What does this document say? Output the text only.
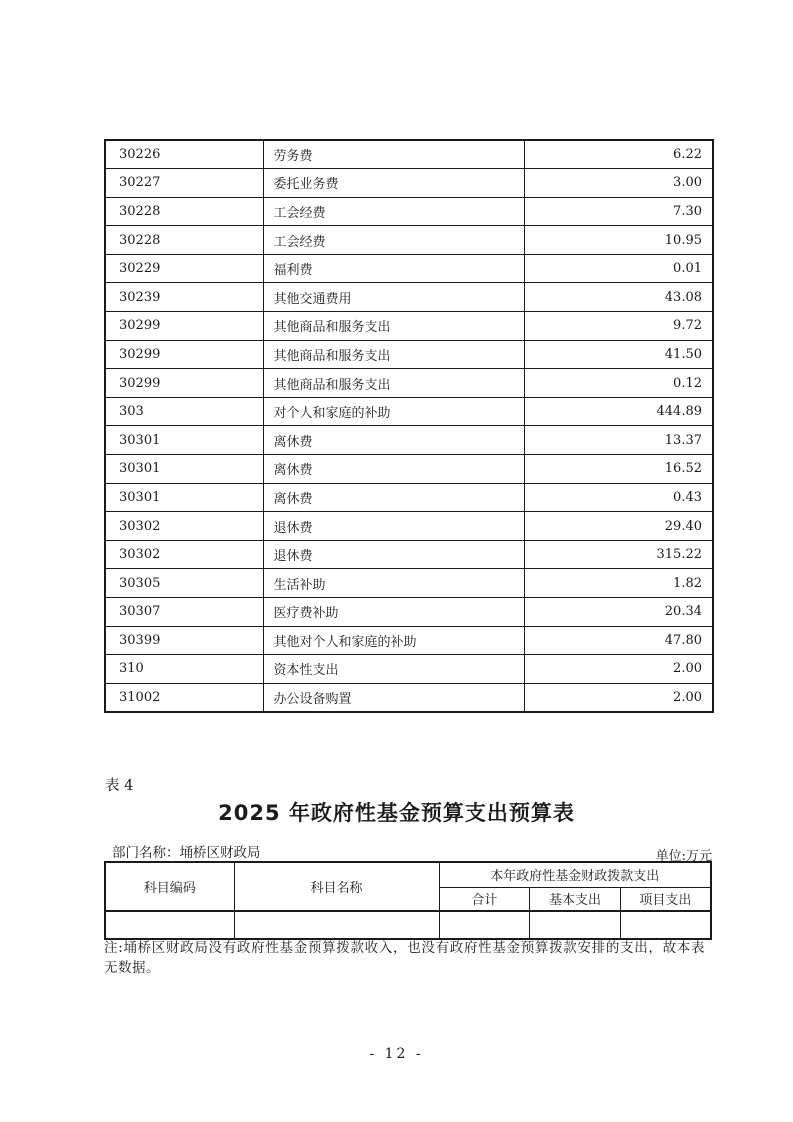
30226	劳务费	6.22
30227	委托业务费	3.00
30228	工会经费	7.30
30228	工会经费	10.95
30229	福利费	0.01
30239	其他交通费用	43.08
30299	其他商品和服务支出	9.72
30299	其他商品和服务支出	41.50
30299	其他商品和服务支出	0.12
303	对个人和家庭的补助	444.89
30301	离休费	13.37
30301	离休费	16.52
30301	离休费	0.43
30302	退休费	29.40
30302	退休费	315.22
30305	生活补助	1.82
30307	医疗费补助	20.34
30399	其他对个人和家庭的补助	47.80
310	资本性支出	2.00
31002	办公设备购置	2.00
表 4
2025 年政府性基金预算支出预算表
部门名称：埇桥区财政局	单位:万元
科目编码	科目名称	本年政府性基金财政拨款支出		
		合计	基本支出	项目支出

注:埇桥区财政局没有政府性基金预算拨款收入，也没有政府性基金预算拨款安排的支出，故本表无数据。
- 12 -
